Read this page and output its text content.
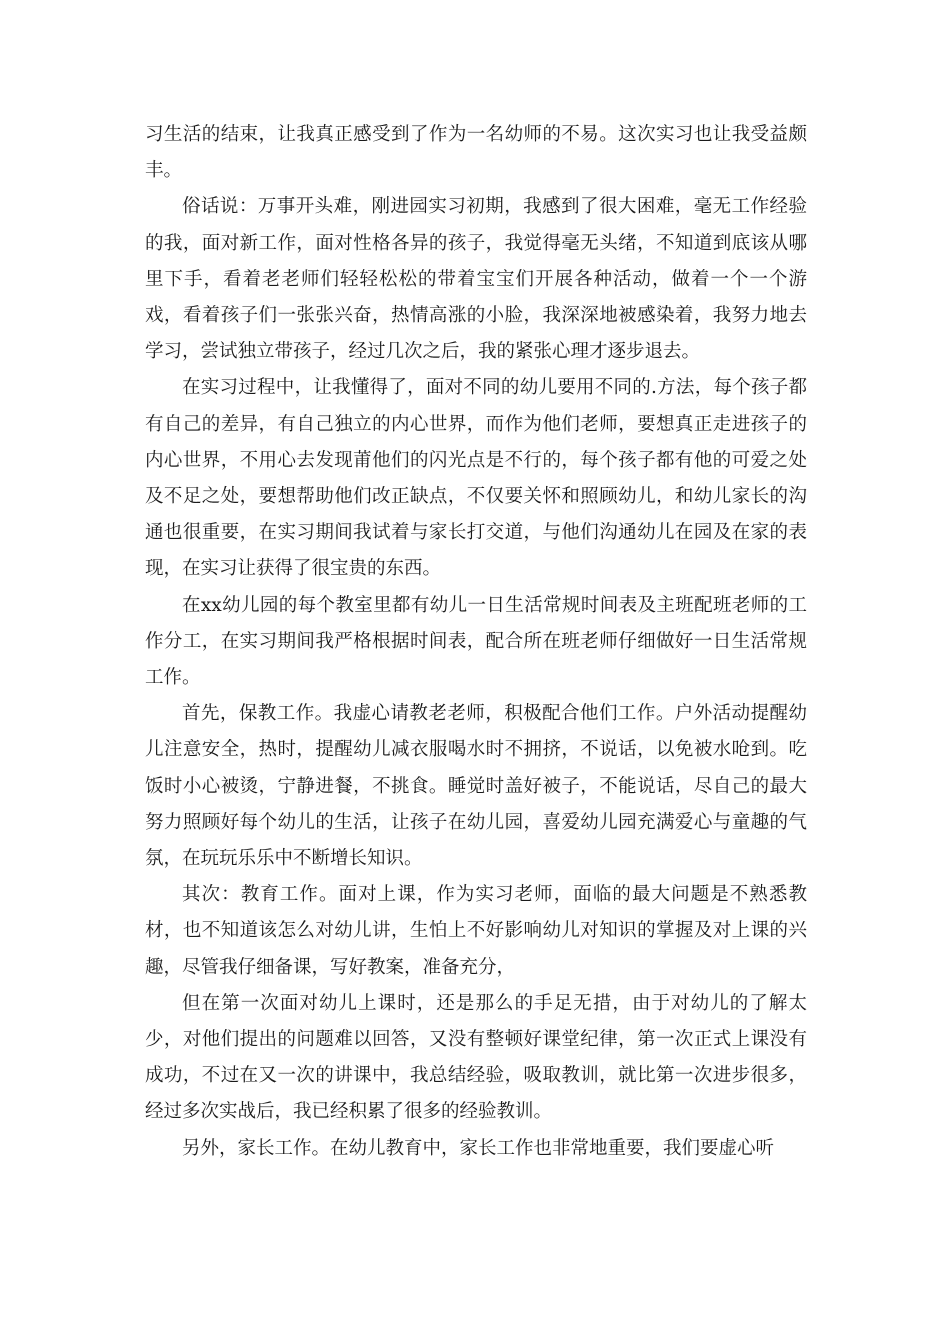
习生活的结束，让我真正感受到了作为一名幼师的不易。这次实习也让我受益颇丰。

俗话说：万事开头难，刚进园实习初期，我感到了很大困难，毫无工作经验的我，面对新工作，面对性格各异的孩子，我觉得毫无头绪，不知道到底该从哪里下手，看着老老师们轻轻松松的带着宝宝们开展各种活动，做着一个一个游戏，看着孩子们一张张兴奋，热情高涨的小脸，我深深地被感染着，我努力地去学习，尝试独立带孩子，经过几次之后，我的紧张心理才逐步退去。

在实习过程中，让我懂得了，面对不同的幼儿要用不同的.方法，每个孩子都有自己的差异，有自己独立的内心世界，而作为他们老师，要想真正走进孩子的内心世界，不用心去发现莆他们的闪光点是不行的，每个孩子都有他的可爱之处及不足之处，要想帮助他们改正缺点，不仅要关怀和照顾幼儿，和幼儿家长的沟通也很重要，在实习期间我试着与家长打交道，与他们沟通幼儿在园及在家的表现，在实习让获得了很宝贵的东西。

在xx幼儿园的每个教室里都有幼儿一日生活常规时间表及主班配班老师的工作分工，在实习期间我严格根据时间表，配合所在班老师仔细做好一日生活常规工作。

首先，保教工作。我虚心请教老老师，积极配合他们工作。户外活动提醒幼儿注意安全，热时，提醒幼儿减衣服喝水时不拥挤，不说话，以免被水呛到。吃饭时小心被烫，宁静进餐，不挑食。睡觉时盖好被子，不能说话，尽自己的最大努力照顾好每个幼儿的生活，让孩子在幼儿园，喜爱幼儿园充满爱心与童趣的气氛，在玩玩乐乐中不断增长知识。

其次：教育工作。面对上课，作为实习老师，面临的最大问题是不熟悉教材，也不知道该怎么对幼儿讲，生怕上不好影响幼儿对知识的掌握及对上课的兴趣，尽管我仔细备课，写好教案，准备充分，

但在第一次面对幼儿上课时，还是那么的手足无措，由于对幼儿的了解太少，对他们提出的问题难以回答，又没有整顿好课堂纪律，第一次正式上课没有成功，不过在又一次的讲课中，我总结经验，吸取教训，就比第一次进步很多，经过多次实战后，我已经积累了很多的经验教训。

另外，家长工作。在幼儿教育中，家长工作也非常地重要，我们要虚心听
